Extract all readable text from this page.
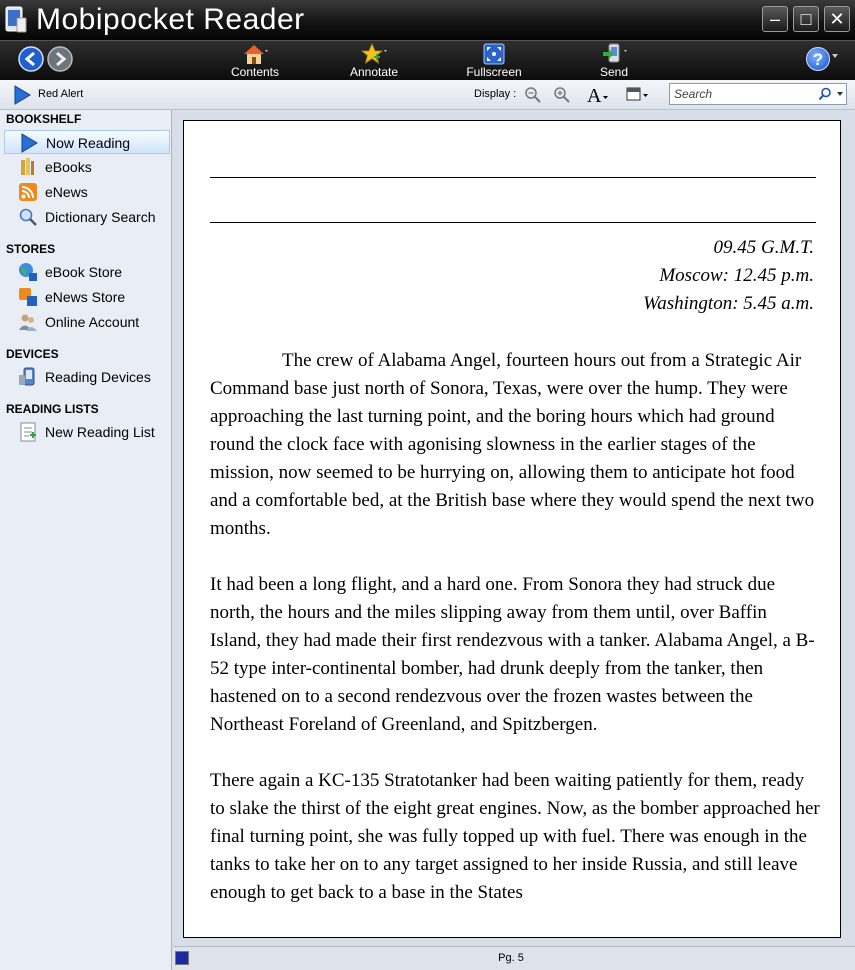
Mobipocket Reader	–	□	✕
Contents	Annotate	Fullscreen	Send
?
Red Alert	Display :	A
Search
BOOKSHELF
Now Reading
eBooks
eNews
Dictionary Search
STORES
eBook Store
eNews Store
Online Account
DEVICES
Reading Devices
READING LISTS
New Reading List
09.45 G.M.T.
Moscow: 12.45 p.m.
Washington: 5.45 a.m.

The crew of Alabama Angel, fourteen hours out from a Strategic Air Command base just north of Sonora, Texas, were over the hump. They were approaching the last turning point, and the boring hours which had ground round the clock face with agonising slowness in the earlier stages of the mission, now seemed to be hurrying on, allowing them to anticipate hot food and a comfortable bed, at the British base where they would spend the next two months.

It had been a long flight, and a hard one. From Sonora they had struck due north, the hours and the miles slipping away from them until, over Baffin Island, they had made their first rendezvous with a tanker. Alabama Angel, a B-52 type inter-continental bomber, had drunk deeply from the tanker, then hastened on to a second rendezvous over the frozen wastes between the Northeast Foreland of Greenland, and Spitzbergen.

There again a KC-135 Stratotanker had been waiting patiently for them, ready to slake the thirst of the eight great engines. Now, as the bomber approached her final turning point, she was fully topped up with fuel. There was enough in the tanks to take her on to any target assigned to her inside Russia, and still leave enough to get back to a base in the States

Pg. 5
